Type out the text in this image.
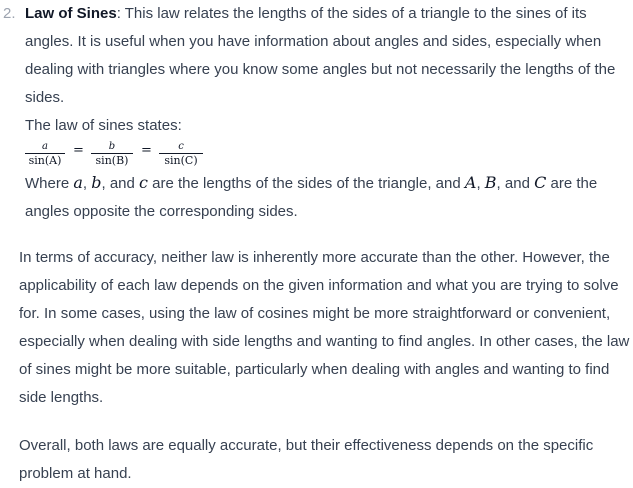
2. Law of Sines: This law relates the lengths of the sides of a triangle to the sines of its angles. It is useful when you have information about angles and sides, especially when dealing with triangles where you know some angles but not necessarily the lengths of the sides.

The law of sines states:

a
sin(A)
=	b
sin(B)
=	c
sin(C)

Where a, b, and c are the lengths of the sides of the triangle, and A, B, and C are the angles opposite the corresponding sides.

In terms of accuracy, neither law is inherently more accurate than the other. However, the applicability of each law depends on the given information and what you are trying to solve for. In some cases, using the law of cosines might be more straightforward or convenient, especially when dealing with side lengths and wanting to find angles. In other cases, the law of sines might be more suitable, particularly when dealing with angles and wanting to find side lengths.

Overall, both laws are equally accurate, but their effectiveness depends on the specific problem at hand.
